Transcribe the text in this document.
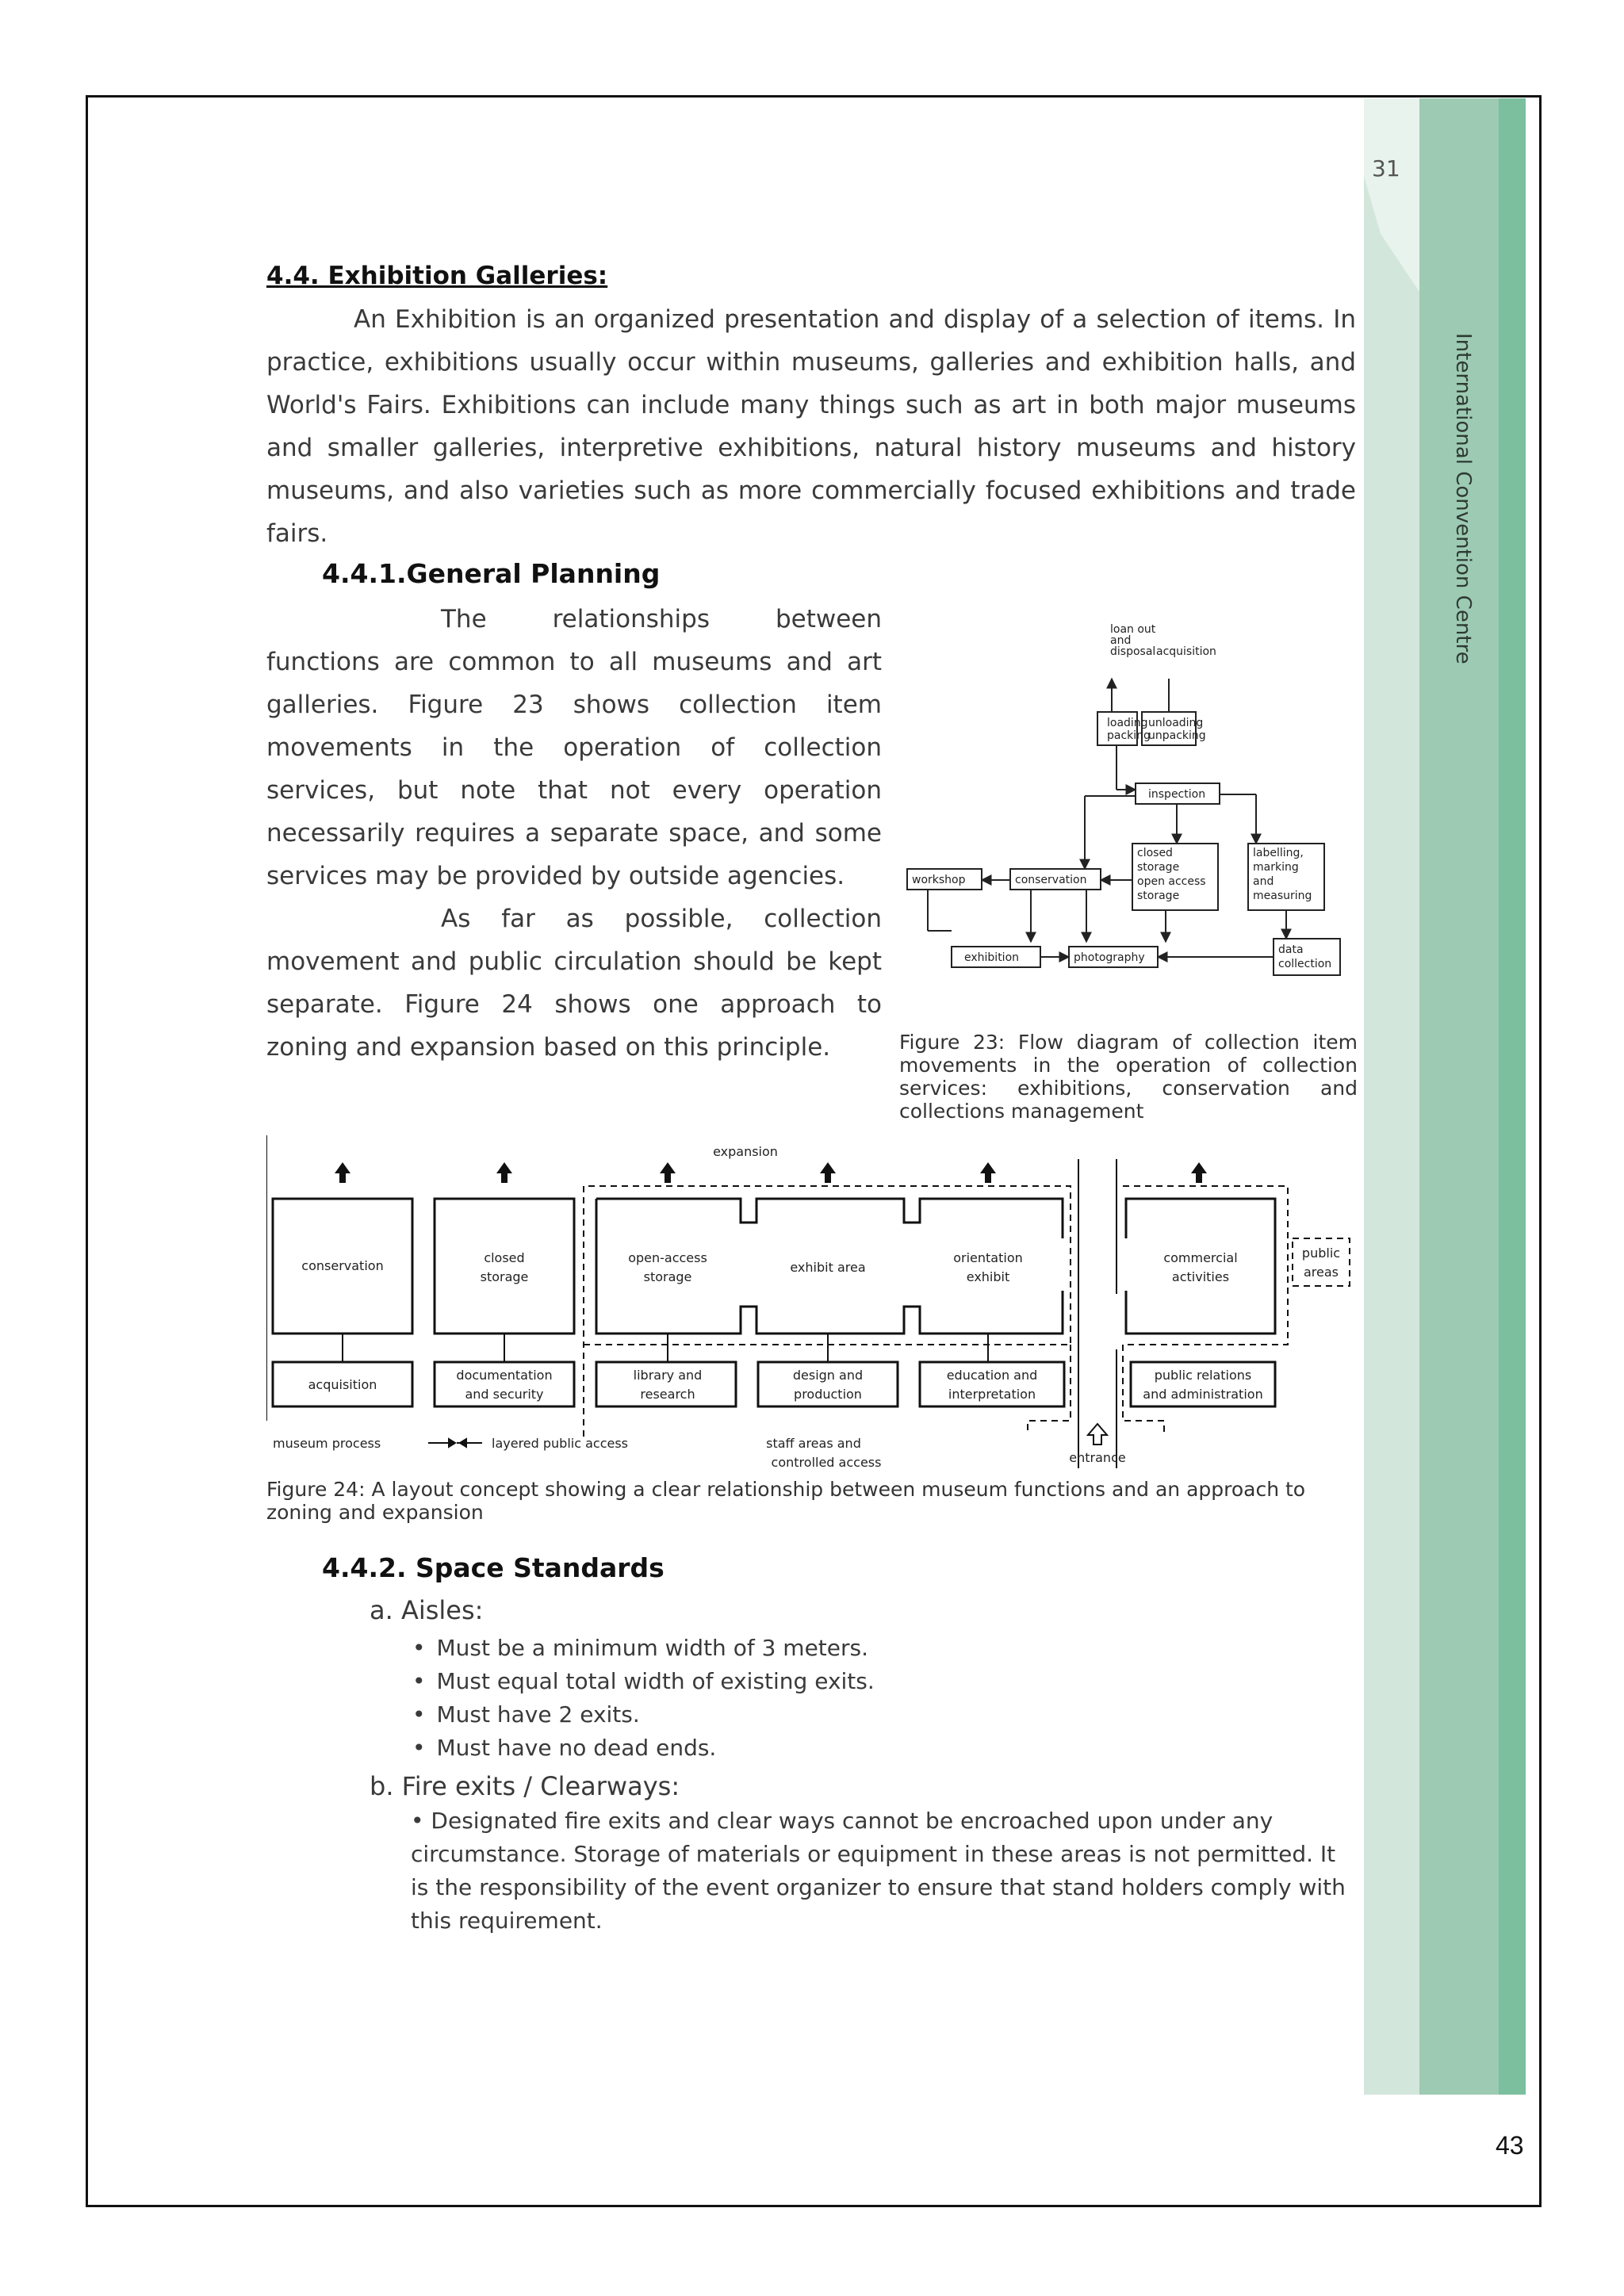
International Convention Centre
31
43
4.4. Exhibition Galleries:

An Exhibition is an organized presentation and display of a selection of items. In practice, exhibitions usually occur within museums, galleries and exhibition halls, and World's Fairs. Exhibitions can include many things such as art in both major museums and smaller galleries, interpretive exhibitions, natural history museums and history museums, and also varieties such as more commercially focused exhibitions and trade fairs.

4.4.1.General Planning

The relationships between functions are common to all museums and art galleries. Figure 23 shows collection item movements in the operation of collection services, but note that not every operation necessarily requires a separate space, and some services may be provided by outside agencies.

As far as possible, collection movement and public circulation should be kept separate. Figure 24 shows one approach to zoning and expansion based on this principle.

loan out
and
disposal acquisition
loading
packing
unloading
unpacking
inspection
workshop	conservation
closed
storage
open access
storage
labelling,
marking
and
measuring
exhibition	photography
data
collection

Figure 23: Flow diagram of collection item movements in the operation of collection services: exhibitions, conservation and collections management

expansion
conservation
closed
storage
open-access
storage
exhibit area
orientation
exhibit
commercial
activities
public
areas
acquisition
documentation
and security
library and
research
design and
production
education and
interpretation
public relations
and administration
staff areas and
controlled access	entrance
museum process	layered public access

Figure 24: A layout concept showing a clear relationship between museum functions and an approach to zoning and expansion

4.4.2. Space Standards
a. Aisles:
• Must be a minimum width of 3 meters.
• Must equal total width of existing exits.
• Must have 2 exits.
• Must have no dead ends.
b. Fire exits / Clearways:

• Designated fire exits and clear ways cannot be encroached upon under any circumstance. Storage of materials or equipment in these areas is not permitted. It is the responsibility of the event organizer to ensure that stand holders comply with this requirement.
